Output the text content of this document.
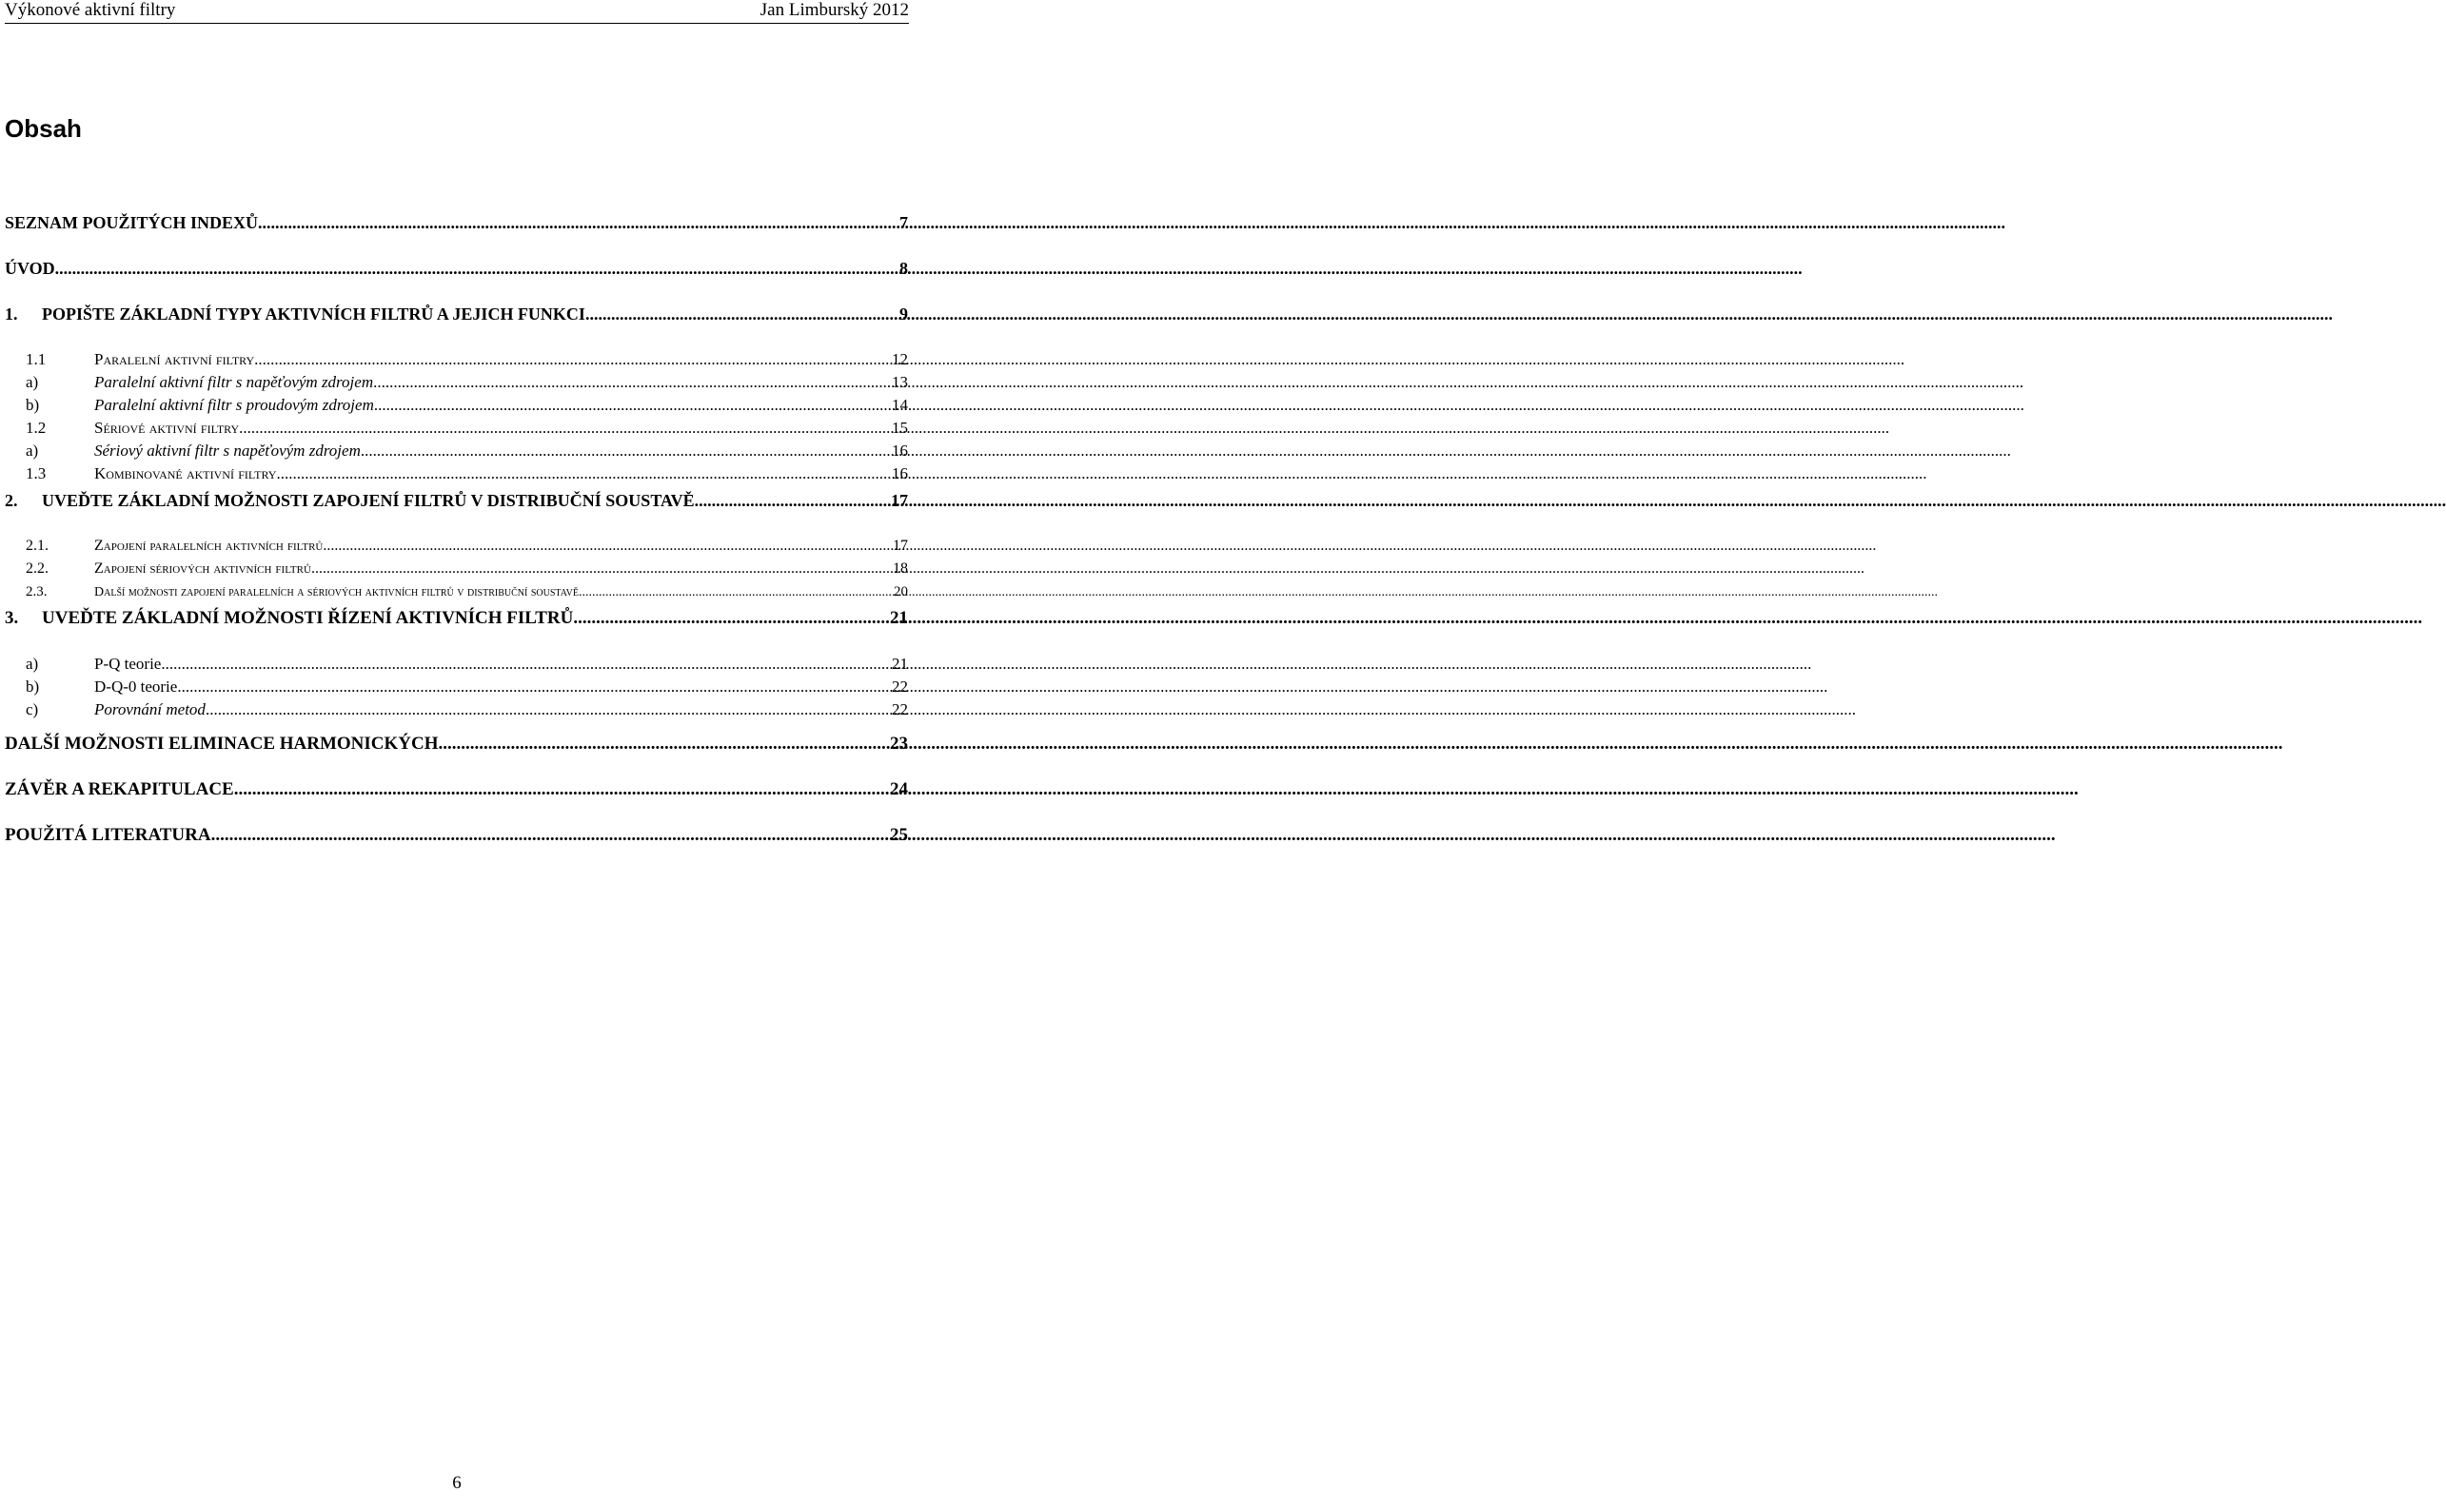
Výkonové aktivní filtry	Jan Limburský 2012
Obsah
SEZNAM POUŽITÝCH INDEXŮ .....	7
ÚVOD .....	8
1.	POPIŠTE ZÁKLADNÍ TYPY AKTIVNÍCH FILTRŮ A JEJICH FUNKCI .....	9
1.1	Paralelní aktivní filtry .....	12
a)	Paralelní aktivní filtr s napěťovým zdrojem .....	13
b)	Paralelní aktivní filtr s proudovým zdrojem .....	14
1.2	Sériové aktivní filtry .....	15
a)	Sériový aktivní filtr s napěťovým zdrojem .....	16
1.3	Kombinované aktivní filtry .....	16
2.	UVEĎTE ZÁKLADNÍ MOŽNOSTI ZAPOJENÍ FILTRŮ V DISTRIBUČNÍ SOUSTAVĚ. .....	17
2.1.	Zapojení paralelních aktivních filtrů .....	17
2.2.	Zapojení sériových aktivních filtrů .....	18
2.3.	Další možnosti zapojení paralelních a sériových aktivních filtrů v distribuční soustavě .....	20
3.	UVEĎTE ZÁKLADNÍ MOŽNOSTI ŘÍZENÍ AKTIVNÍCH FILTRŮ. .....	21
a)	P-Q teorie .....	21
b)	D-Q-0 teorie .....	22
c)	Porovnání metod .....	22
DALŠÍ MOŽNOSTI ELIMINACE HARMONICKÝCH .....	23
ZÁVĚR A REKAPITULACE .....	24
POUŽITÁ LITERATURA .....	25
6
